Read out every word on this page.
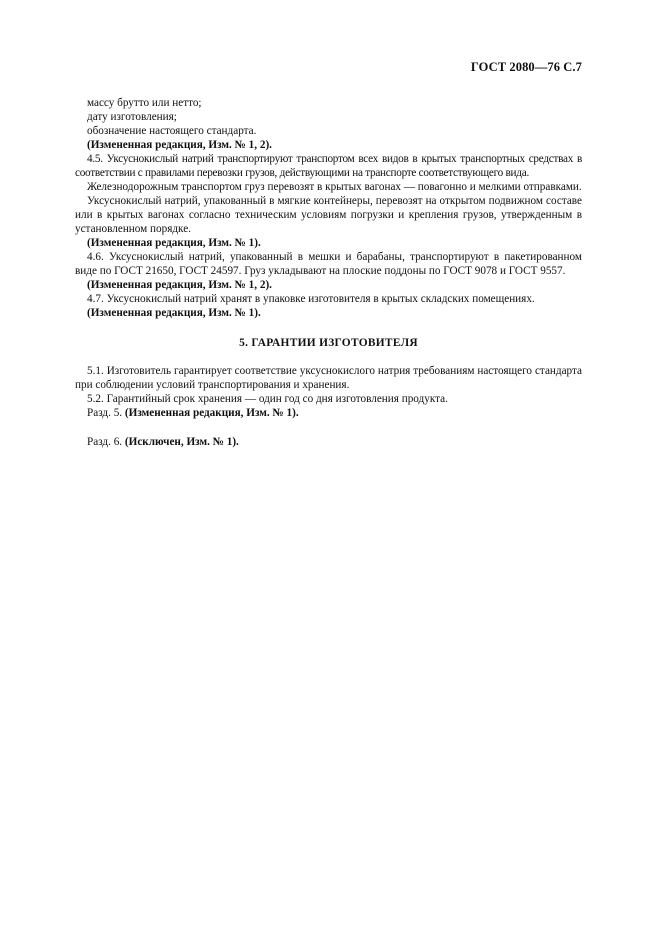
ГОСТ 2080—76 С.7

массу брутто или нетто;

дату изготовления;

обозначение настоящего стандарта.

(Измененная редакция, Изм. № 1, 2).

4.5. Уксуснокислый натрий транспортируют транспортом всех видов в крытых транспортных средствах в соответствии с правилами перевозки грузов, действующими на транспорте соответствующего вида.

Железнодорожным транспортом груз перевозят в крытых вагонах — повагонно и мелкими отправками.

Уксуснокислый натрий, упакованный в мягкие контейнеры, перевозят на открытом подвижном составе или в крытых вагонах согласно техническим условиям погрузки и крепления грузов, утвержденным в установленном порядке.

(Измененная редакция, Изм. № 1).

4.6. Уксуснокислый натрий, упакованный в мешки и барабаны, транспортируют в пакетированном виде по ГОСТ 21650, ГОСТ 24597. Груз укладывают на плоские поддоны по ГОСТ 9078 и ГОСТ 9557.

(Измененная редакция, Изм. № 1, 2).

4.7. Уксуснокислый натрий хранят в упаковке изготовителя в крытых складских помещениях.

(Измененная редакция, Изм. № 1).

5. ГАРАНТИИ ИЗГОТОВИТЕЛЯ

5.1. Изготовитель гарантирует соответствие уксуснокислого натрия требованиям настоящего стандарта при соблюдении условий транспортирования и хранения.

5.2. Гарантийный срок хранения — один год со дня изготовления продукта.

Разд. 5. (Измененная редакция, Изм. № 1).

Разд. 6. (Исключен, Изм. № 1).
